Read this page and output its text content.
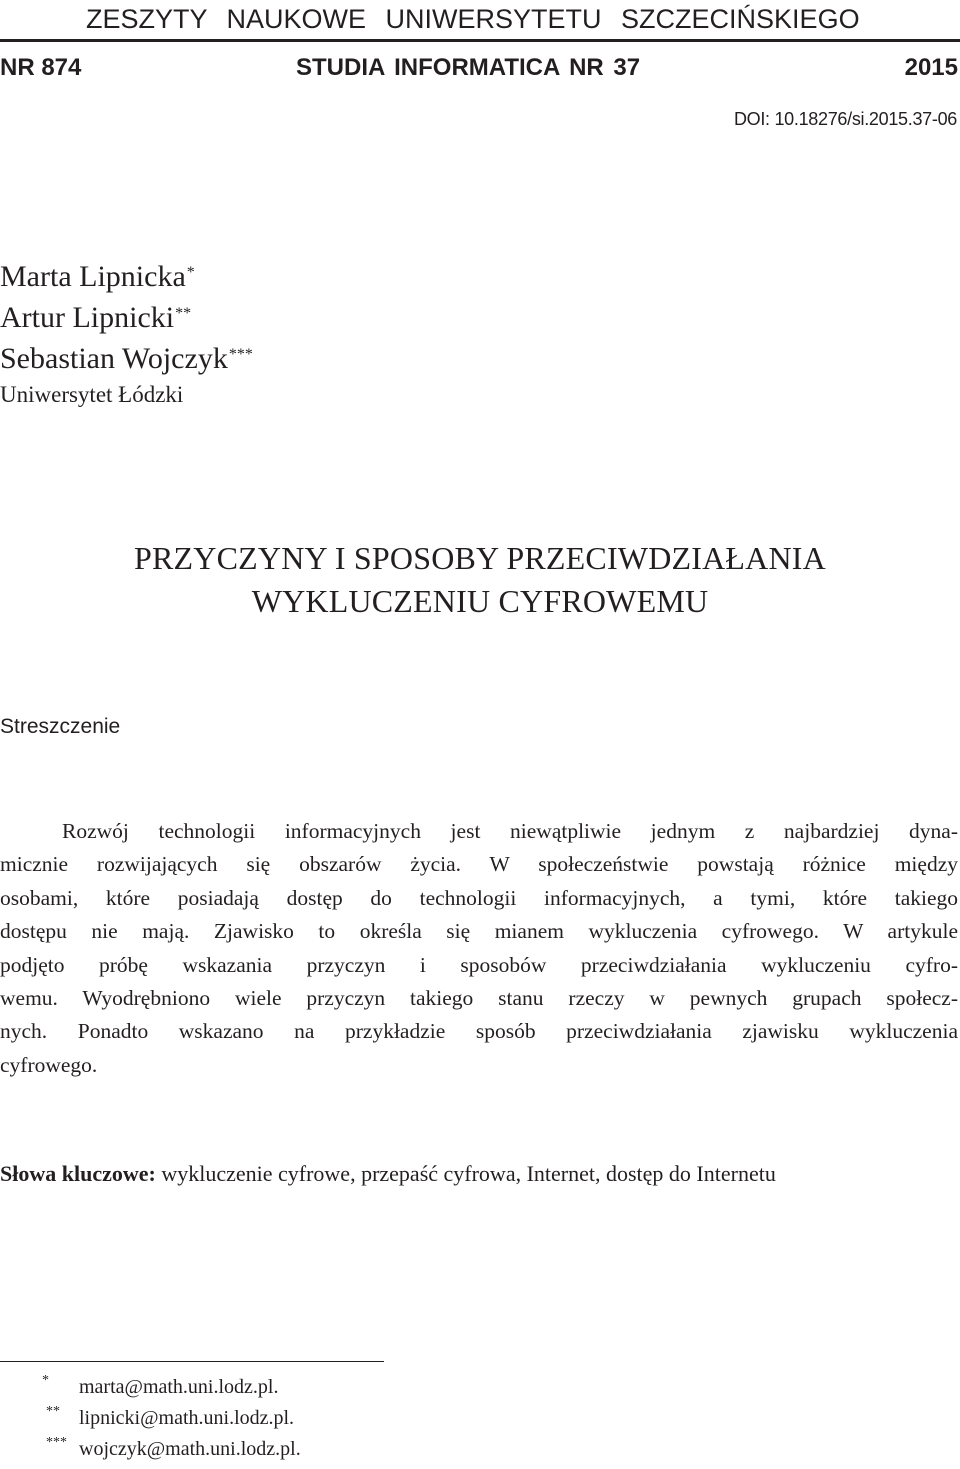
ZESZYTY NAUKOWE UNIWERSYTETU SZCZECIŃSKIEGO
NR 874	STUDIA INFORMATICA NR 37	2015
DOI: 10.18276/si.2015.37-06
Marta Lipnicka*
Artur Lipnicki**
Sebastian Wojczyk***
Uniwersytet Łódzki
PRZYCZYNY I SPOSOBY PRZECIWDZIAŁANIA
WYKLUCZENIU CYFROWEMU
Streszczenie
Rozwój technologii informacyjnych jest niewątpliwie jednym z najbardziej dyna-
micznie rozwijających się obszarów życia. W społeczeństwie powstają różnice między
osobami, które posiadają dostęp do technologii informacyjnych, a tymi, które takiego
dostępu nie mają. Zjawisko to określa się mianem wykluczenia cyfrowego. W artykule
podjęto próbę wskazania przyczyn i sposobów przeciwdziałania wykluczeniu cyfro-
wemu. Wyodrębniono wiele przyczyn takiego stanu rzeczy w pewnych grupach społecz-
nych. Ponadto wskazano na przykładzie sposób przeciwdziałania zjawisku wykluczenia
cyfrowego.
Słowa kluczowe: wykluczenie cyfrowe, przepaść cyfrowa, Internet, dostęp do Internetu
* marta@math.uni.lodz.pl.
** lipnicki@math.uni.lodz.pl.
*** wojczyk@math.uni.lodz.pl.
